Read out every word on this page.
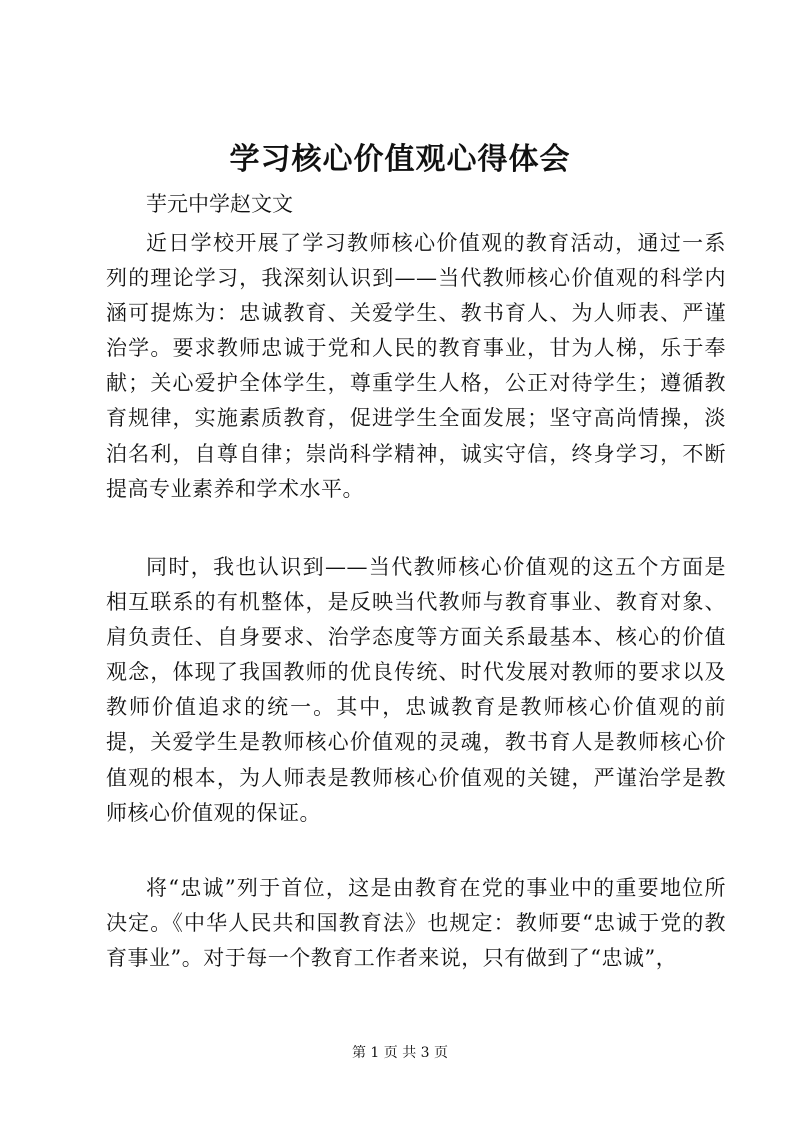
学习核心价值观心得体会
芋元中学赵文文

近日学校开展了学习教师核心价值观的教育活动，通过一系列的理论学习，我深刻认识到——当代教师核心价值观的科学内涵可提炼为：忠诚教育、关爱学生、教书育人、为人师表、严谨治学。要求教师忠诚于党和人民的教育事业，甘为人梯，乐于奉献；关心爱护全体学生，尊重学生人格，公正对待学生；遵循教育规律，实施素质教育，促进学生全面发展；坚守高尚情操，淡泊名利，自尊自律；崇尚科学精神，诚实守信，终身学习，不断提高专业素养和学术水平。

同时，我也认识到——当代教师核心价值观的这五个方面是相互联系的有机整体，是反映当代教师与教育事业、教育对象、肩负责任、自身要求、治学态度等方面关系最基本、核心的价值观念，体现了我国教师的优良传统、时代发展对教师的要求以及教师价值追求的统一。其中，忠诚教育是教师核心价值观的前提，关爱学生是教师核心价值观的灵魂，教书育人是教师核心价值观的根本，为人师表是教师核心价值观的关键，严谨治学是教师核心价值观的保证。

将“忠诚”列于首位，这是由教育在党的事业中的重要地位所决定。《中华人民共和国教育法》也规定：教师要“忠诚于党的教育事业”。对于每一个教育工作者来说，只有做到了“忠诚”，

第 1 页 共 3 页
